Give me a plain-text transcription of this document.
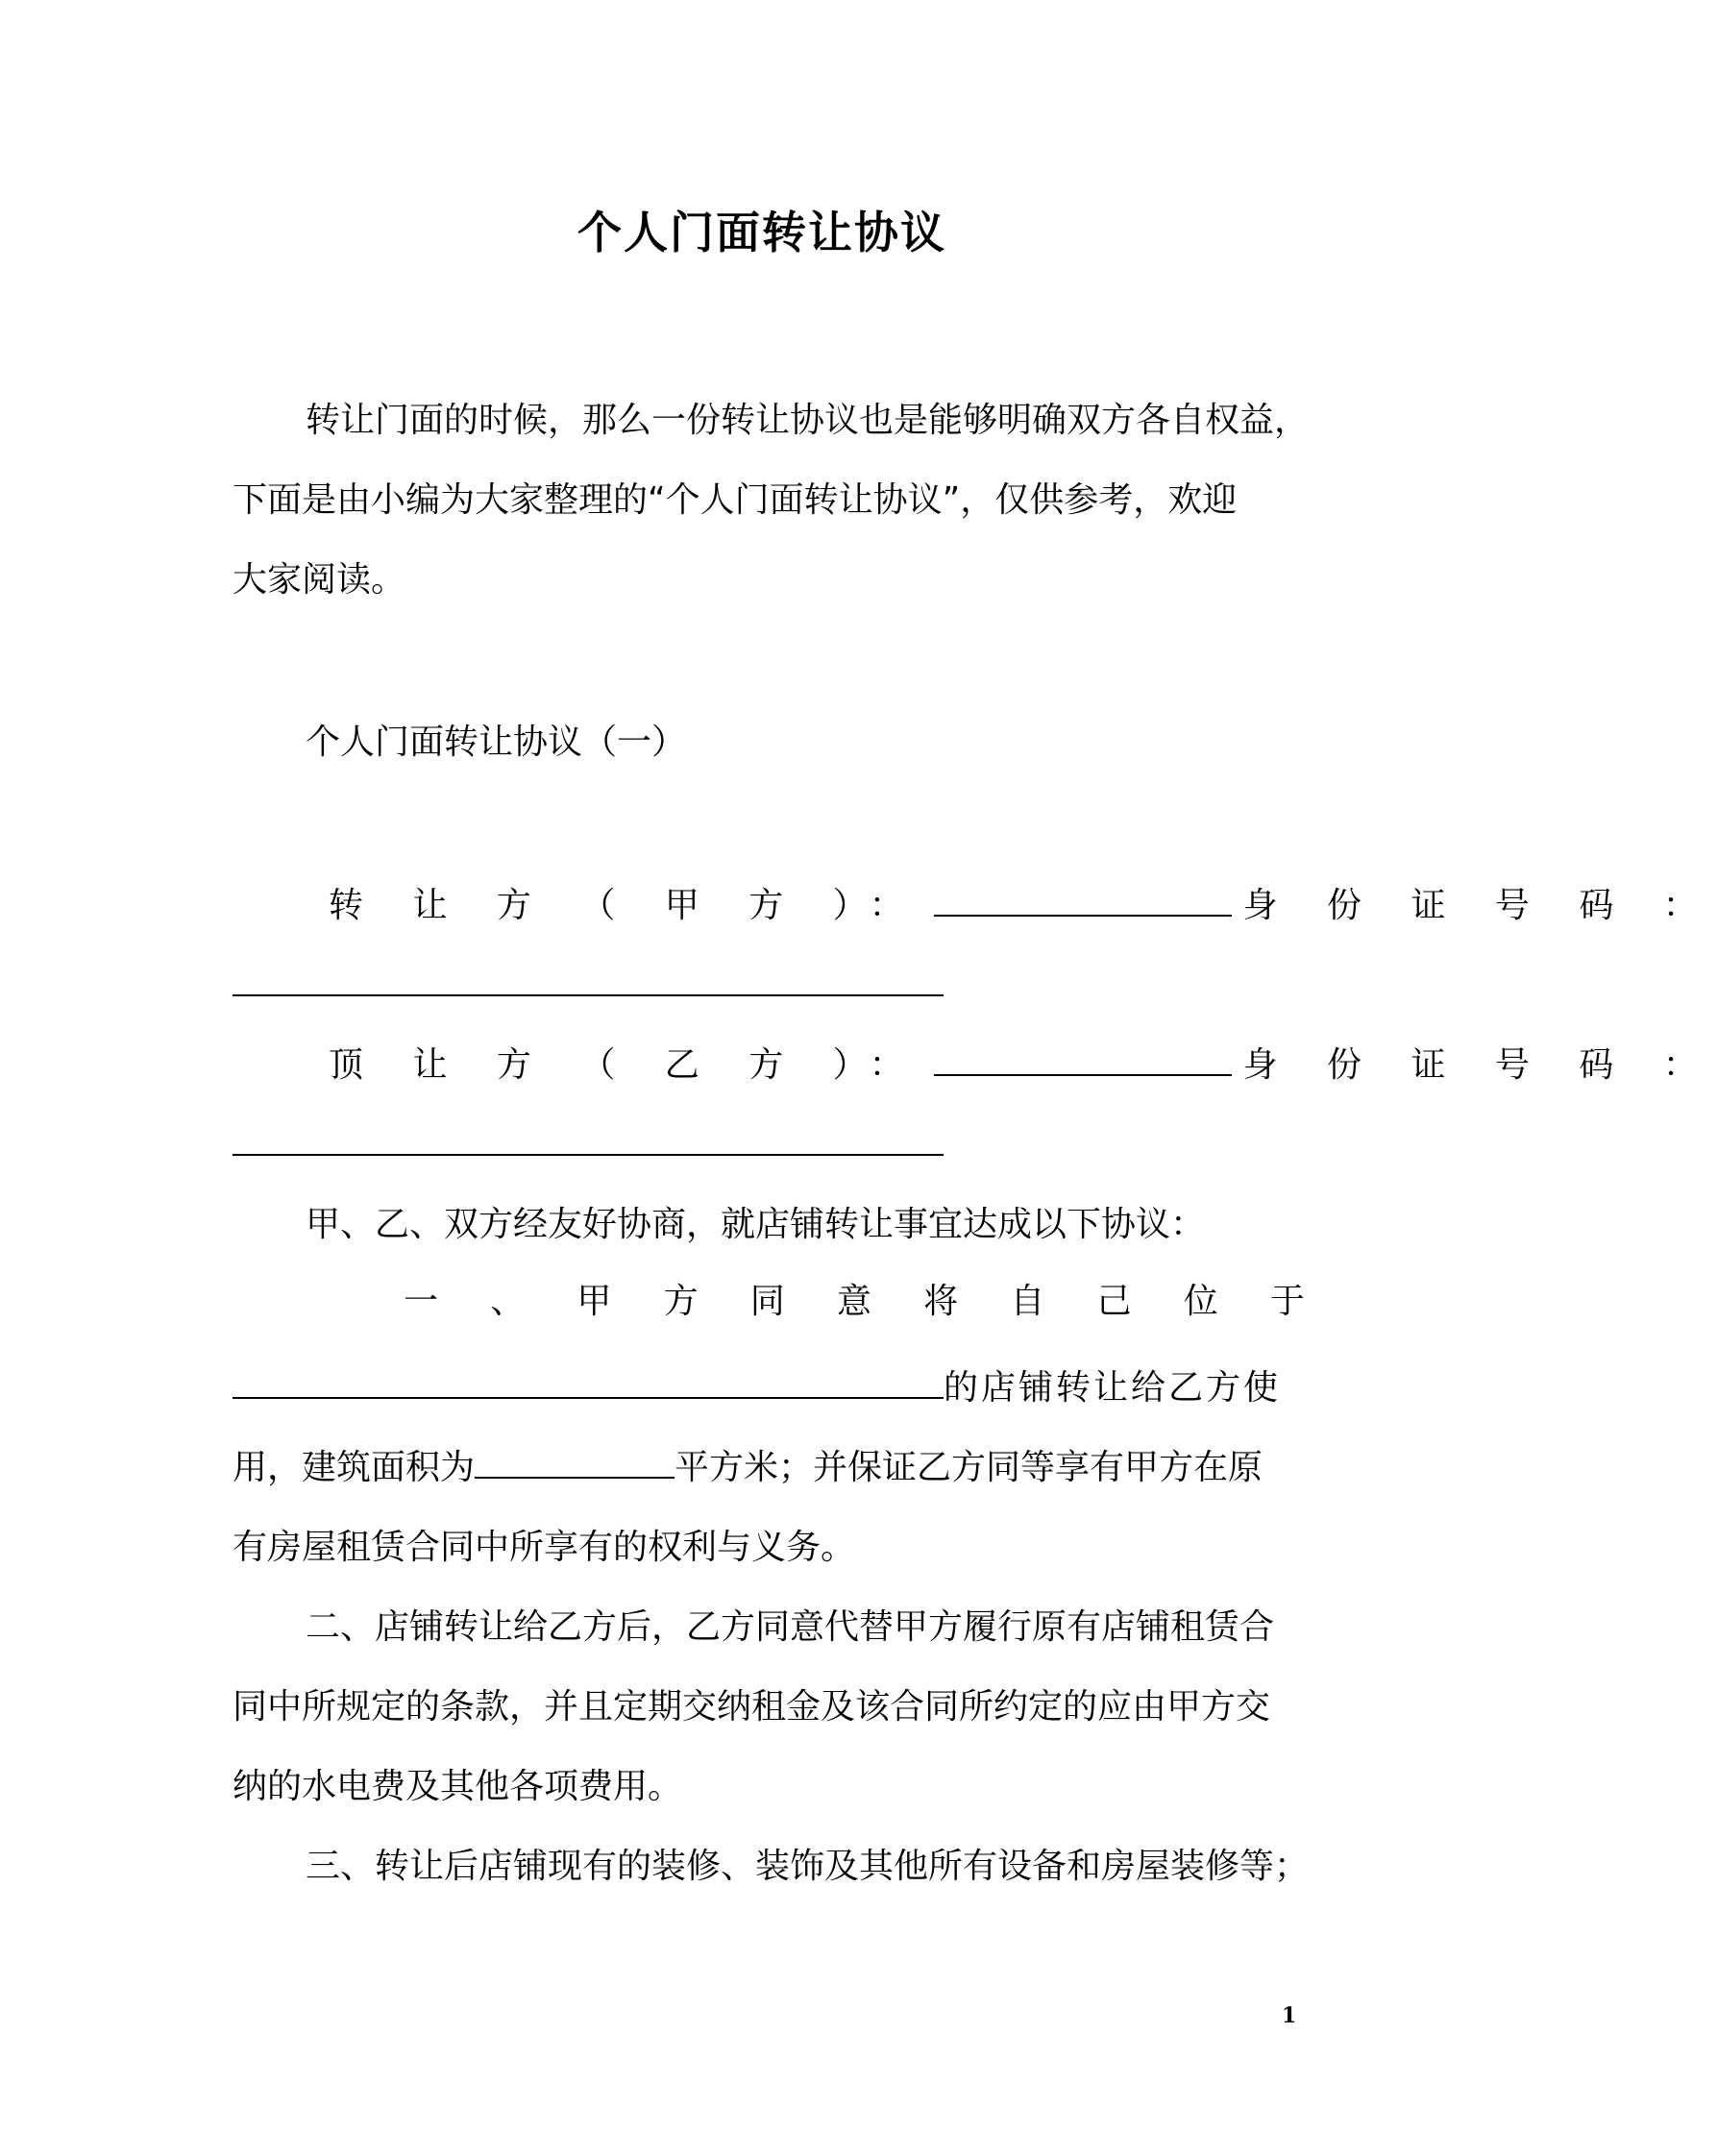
个人门面转让协议
转让门面的时候，那么一份转让协议也是能够明确双方各自权益，
下面是由小编为大家整理的“个人门面转让协议”，仅供参考，欢迎
大家阅读。
个人门面转让协议（一）
转 让 方 （ 甲 方 ）：	身 份 证 号 码 ：
顶 让 方 （ 乙 方 ）：	身 份 证 号 码 ：
甲、乙、双方经友好协商，就店铺转让事宜达成以下协议：
一 、 甲 方 同 意 将 自 己 位 于
的店铺转让给乙方使
用，建筑面积为	平方米；并保证乙方同等享有甲方在原
有房屋租赁合同中所享有的权利与义务。
二、店铺转让给乙方后，乙方同意代替甲方履行原有店铺租赁合
同中所规定的条款，并且定期交纳租金及该合同所约定的应由甲方交
纳的水电费及其他各项费用。
三、转让后店铺现有的装修、装饰及其他所有设备和房屋装修等；
1
